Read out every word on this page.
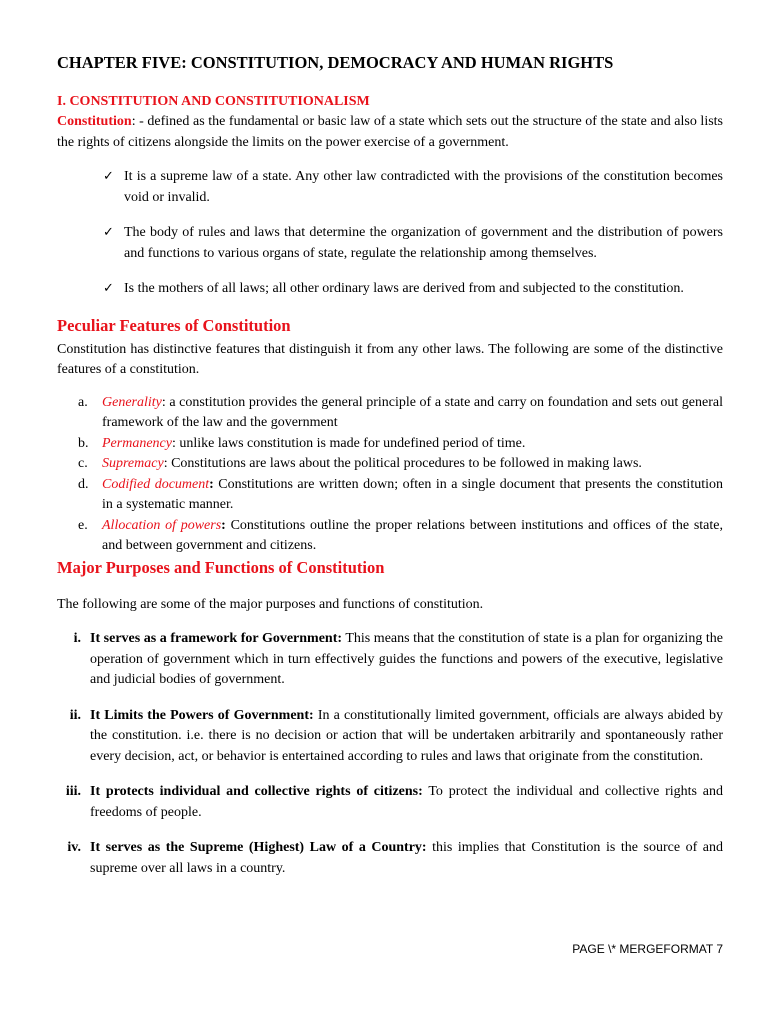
CHAPTER FIVE: CONSTITUTION, DEMOCRACY AND HUMAN RIGHTS
I. CONSTITUTION AND CONSTITUTIONALISM

Constitution: - defined as the fundamental or basic law of a state which sets out the structure of the state and also lists the rights of citizens alongside the limits on the power exercise of a government.

✓ It is a supreme law of a state. Any other law contradicted with the provisions of the constitution becomes void or invalid.
✓ The body of rules and laws that determine the organization of government and the distribution of powers and functions to various organs of state, regulate the relationship among themselves.
✓ Is the mothers of all laws; all other ordinary laws are derived from and subjected to the constitution.
Peculiar Features of Constitution

Constitution has distinctive features that distinguish it from any other laws. The following are some of the distinctive features of a constitution.

a. Generality: a constitution provides the general principle of a state and carry on foundation and sets out general framework of the law and the government
b. Permanency: unlike laws constitution is made for undefined period of time.
c. Supremacy: Constitutions are laws about the political procedures to be followed in making laws.
d. Codified document: Constitutions are written down; often in a single document that presents the constitution in a systematic manner.
e. Allocation of powers: Constitutions outline the proper relations between institutions and offices of the state, and between government and citizens.
Major Purposes and Functions of Constitution

The following are some of the major purposes and functions of constitution.

i. It serves as a framework for Government: This means that the constitution of state is a plan for organizing the operation of government which in turn effectively guides the functions and powers of the executive, legislative and judicial bodies of government.
ii. It Limits the Powers of Government: In a constitutionally limited government, officials are always abided by the constitution. i.e. there is no decision or action that will be undertaken arbitrarily and spontaneously rather every decision, act, or behavior is entertained according to rules and laws that originate from the constitution.
iii. It protects individual and collective rights of citizens: To protect the individual and collective rights and freedoms of people.
iv. It serves as the Supreme (Highest) Law of a Country: this implies that Constitution is the source of and supreme over all laws in a country.
PAGE \* MERGEFORMAT 7
